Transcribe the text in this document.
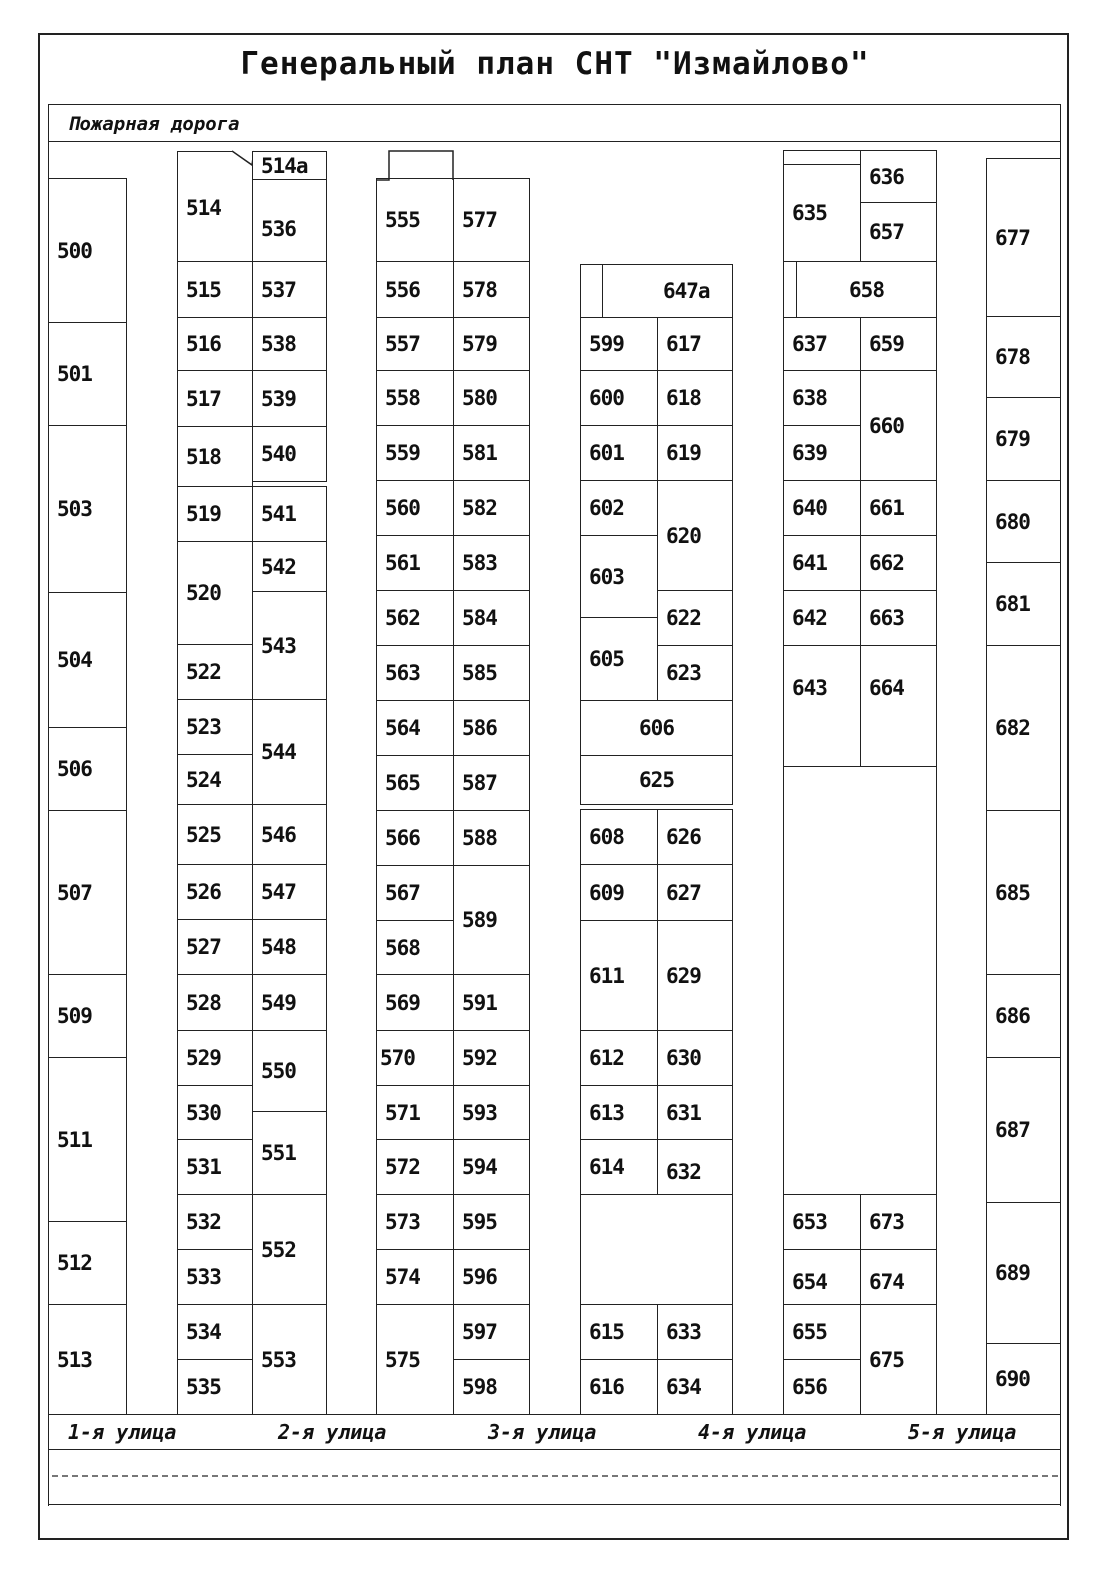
Генеральный план СНТ "Измайлово"
Пожарная дорога
1-я улица	2-я улица	3-я улица	4-я улица	5-я улица
500
501
503
504
506
507
509
511
512
513
514
515
516
517
518
519
520
522
523
524
525
526
527
528
529
530
531
532
533
534
535
514а
536
537
538
539
540
541
542
543
544
546
547
548
549
550
551
552
553
555
556
557
558
559
560
561
562
563
564
565
566
567
568
569
570
571
572
573
574
575
577
578
579
580
581
582
583
584
585
586
587
588
589
591
592
593
594
595
596
597
598
647а
599
600
601
602
603
605
606
625
608
609
611
612
613
614
615
616
617
618
619
620
622
623
626
627
629
630
631
632
633
634
635
636
657
658
637
638
639
640
641
642
643
653
654
655
656
659
660
661
662
663
664
673
674
675
677
678
679
680
681
682
685
686
687
689
690
